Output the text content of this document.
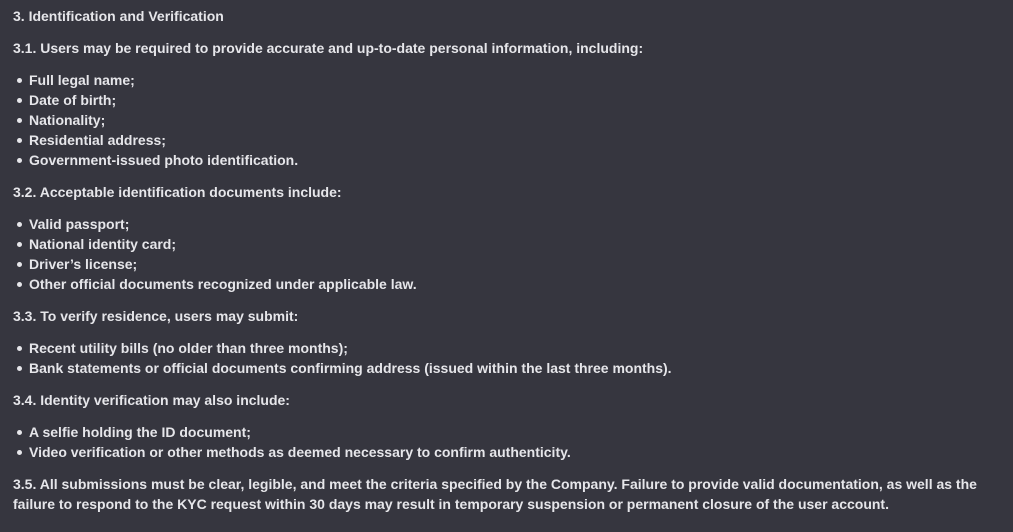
3. Identification and Verification
3.1. Users may be required to provide accurate and up-to-date personal information, including:
Full legal name;
Date of birth;
Nationality;
Residential address;
Government-issued photo identification.
3.2. Acceptable identification documents include:
Valid passport;
National identity card;
Driver’s license;
Other official documents recognized under applicable law.
3.3. To verify residence, users may submit:
Recent utility bills (no older than three months);
Bank statements or official documents confirming address (issued within the last three months).
3.4. Identity verification may also include:
A selfie holding the ID document;
Video verification or other methods as deemed necessary to confirm authenticity.
3.5. All submissions must be clear, legible, and meet the criteria specified by the Company. Failure to provide valid documentation, as well as the failure to respond to the KYC request within 30 days may result in temporary suspension or permanent closure of the user account.
